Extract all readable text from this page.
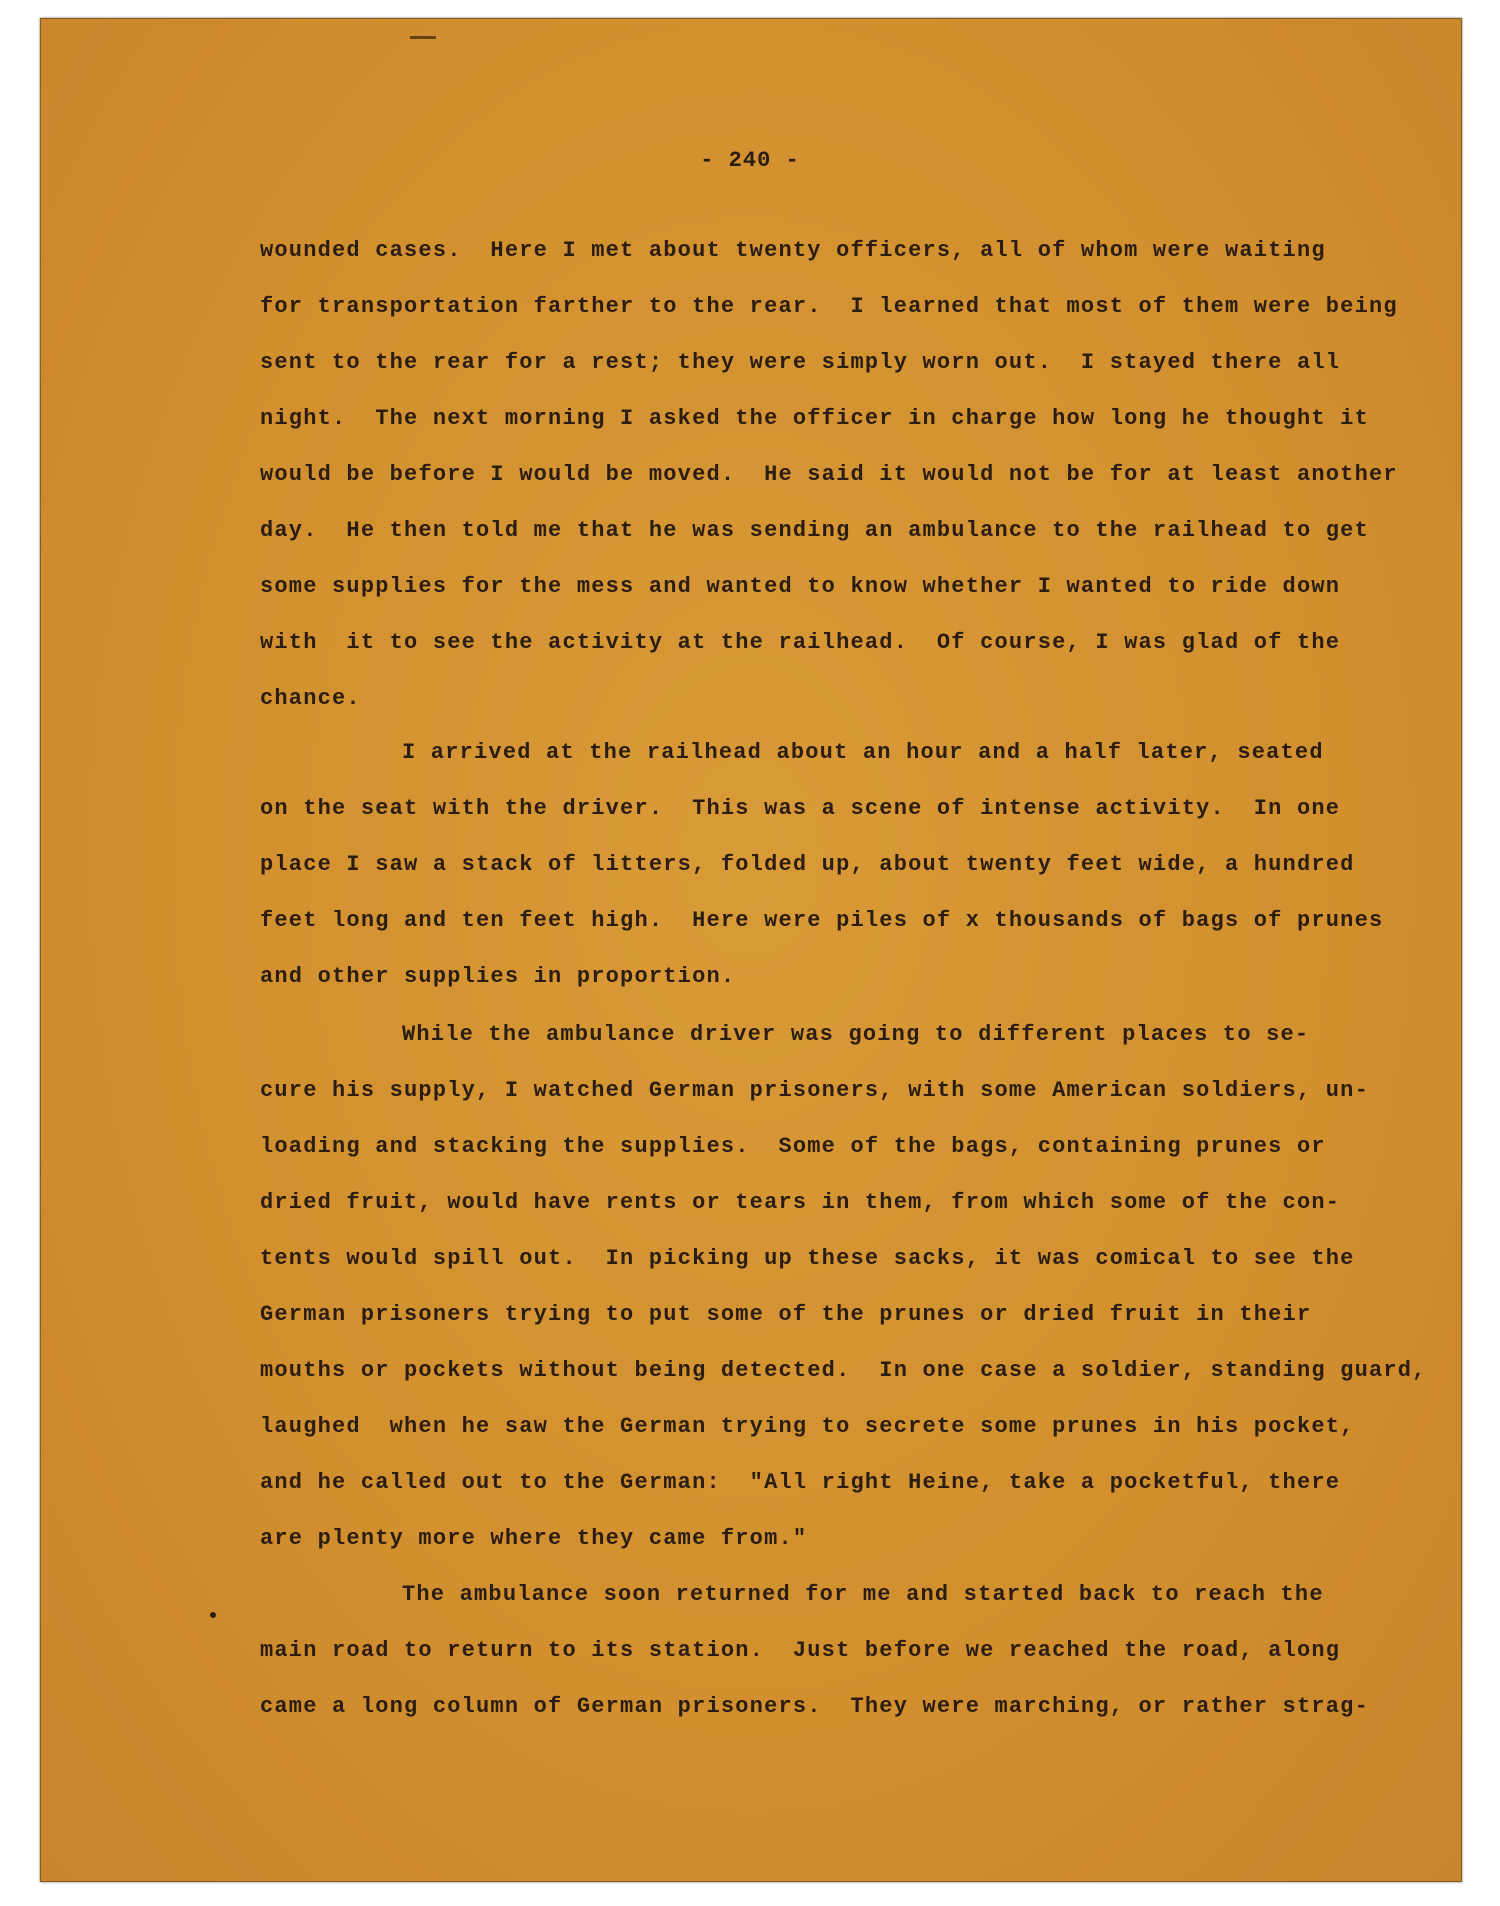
- 240 -
wounded cases.  Here I met about twenty officers, all of whom were waiting
for transportation farther to the rear.  I learned that most of them were being
sent to the rear for a rest; they were simply worn out.  I stayed there all
night.  The next morning I asked the officer in charge how long he thought it
would be before I would be moved.  He said it would not be for at least another
day.  He then told me that he was sending an ambulance to the railhead to get
some supplies for the mess and wanted to know whether I wanted to ride down
with  it to see the activity at the railhead.  Of course, I was glad of the
chance.
I arrived at the railhead about an hour and a half later, seated
on the seat with the driver.  This was a scene of intense activity.  In one
place I saw a stack of litters, folded up, about twenty feet wide, a hundred
feet long and ten feet high.  Here were piles of x thousands of bags of prunes
and other supplies in proportion.
While the ambulance driver was going to different places to se-
cure his supply, I watched German prisoners, with some American soldiers, un-
loading and stacking the supplies.  Some of the bags, containing prunes or
dried fruit, would have rents or tears in them, from which some of the con-
tents would spill out.  In picking up these sacks, it was comical to see the
German prisoners trying to put some of the prunes or dried fruit in their
mouths or pockets without being detected.  In one case a soldier, standing guard,
laughed  when he saw the German trying to secrete some prunes in his pocket,
and he called out to the German:  "All right Heine, take a pocketful, there
are plenty more where they came from."
The ambulance soon returned for me and started back to reach the
main road to return to its station.  Just before we reached the road, along
came a long column of German prisoners.  They were marching, or rather strag-
